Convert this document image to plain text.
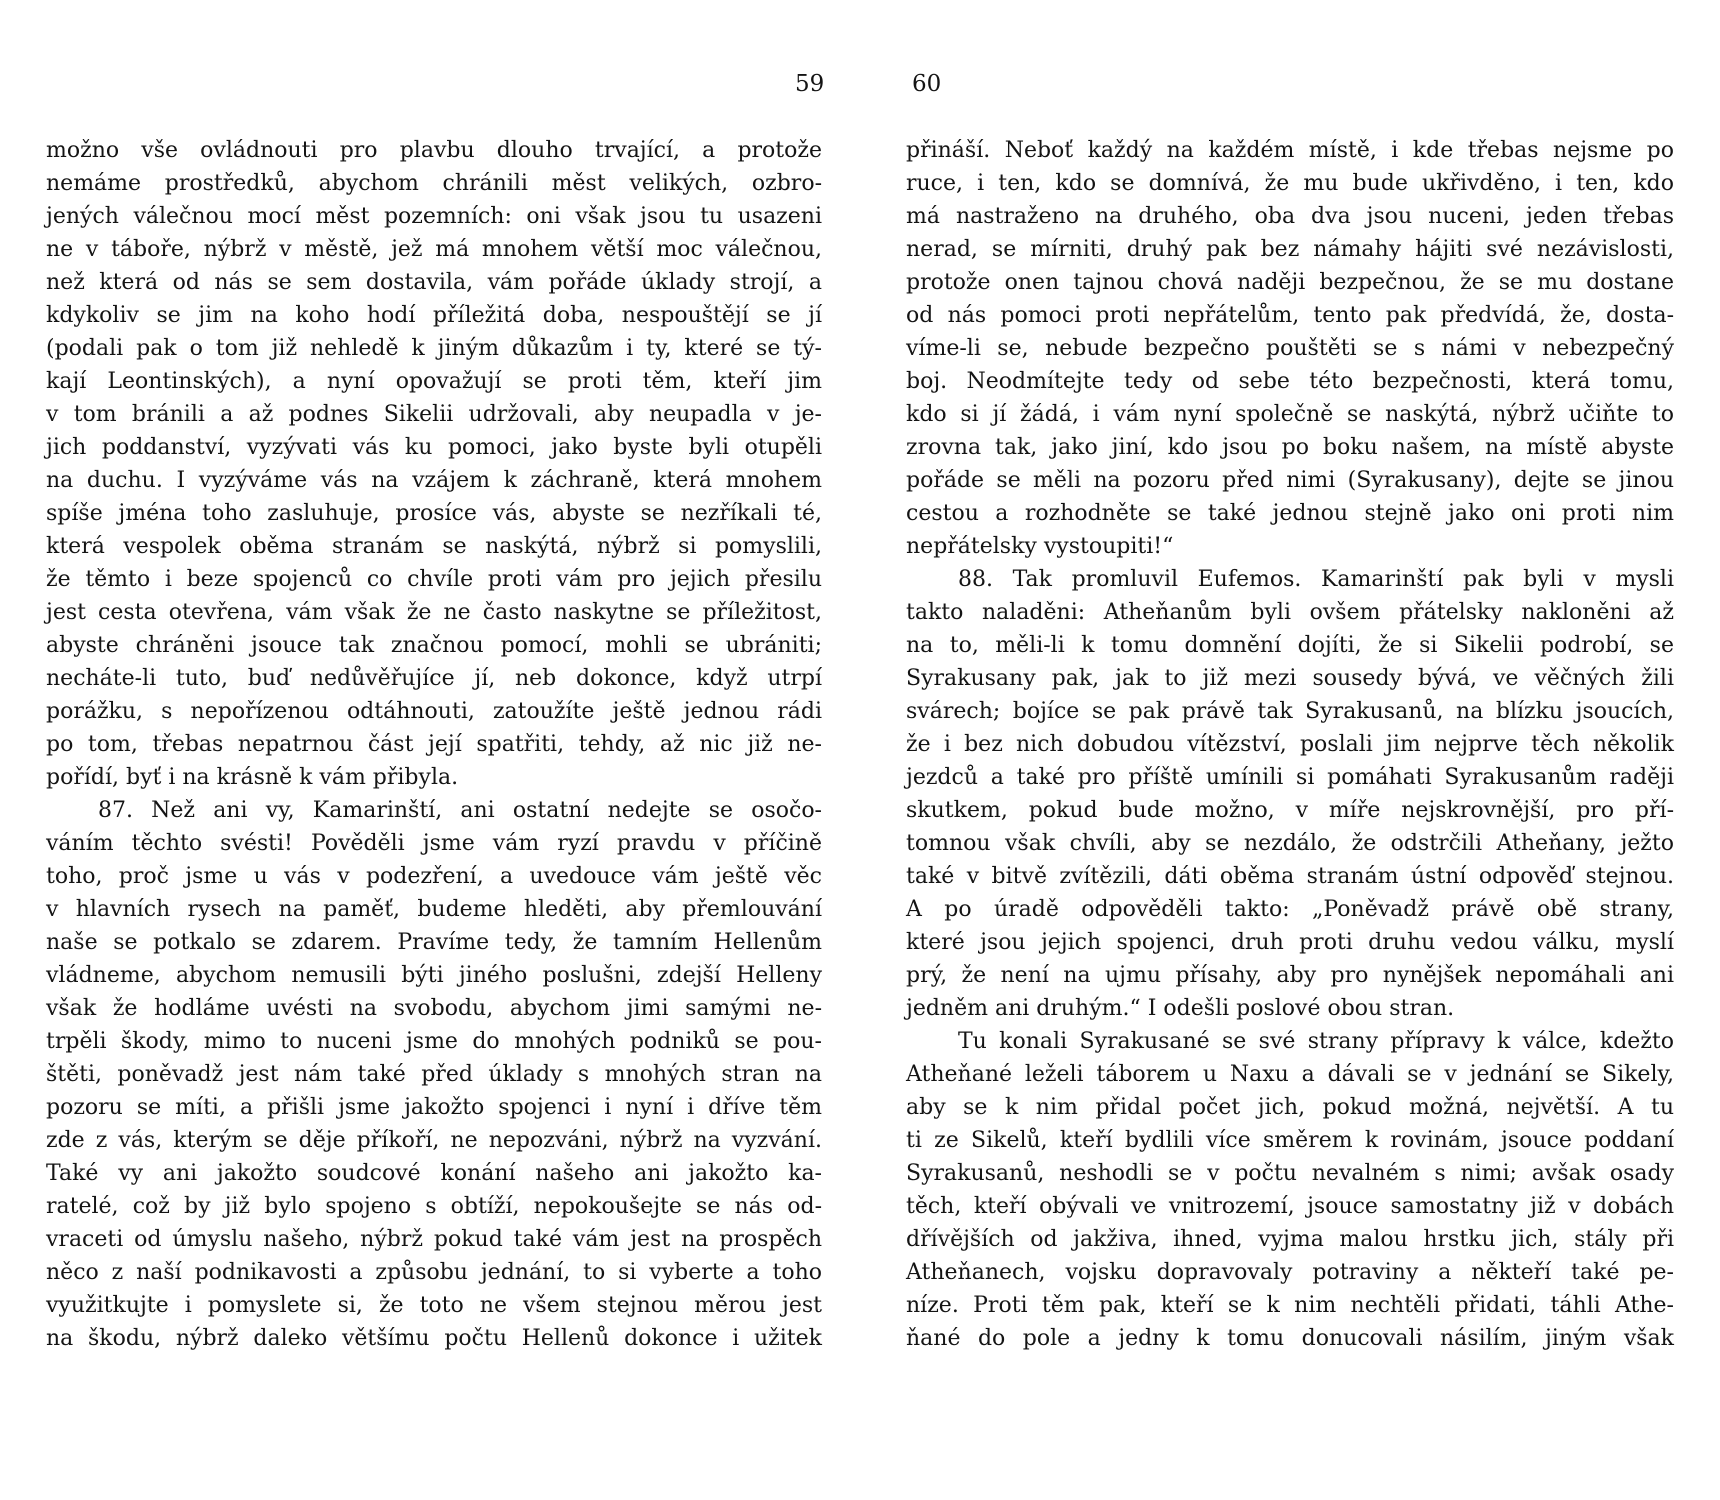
59
možno vše ovládnouti pro plavbu dlouho trvající, a protože
nemáme prostředků, abychom chránili měst velikých, ozbro-
jených válečnou mocí měst pozemních: oni však jsou tu usazeni
ne v táboře, nýbrž v městě, jež má mnohem větší moc válečnou,
než která od nás se sem dostavila, vám pořáde úklady strojí, a
kdykoliv se jim na koho hodí příležitá doba, nespouštějí se jí
(podali pak o tom již nehledě k jiným důkazům i ty, které se tý-
kají Leontinských), a nyní opovažují se proti těm, kteří jim
v tom bránili a až podnes Sikelii udržovali, aby neupadla v je-
jich poddanství, vyzývati vás ku pomoci, jako byste byli otupěli
na duchu. I vyzýváme vás na vzájem k záchraně, která mnohem
spíše jména toho zasluhuje, prosíce vás, abyste se nezříkali té,
která vespolek oběma stranám se naskýtá, nýbrž si pomyslili,
že těmto i beze spojenců co chvíle proti vám pro jejich přesilu
jest cesta otevřena, vám však že ne často naskytne se příležitost,
abyste chráněni jsouce tak značnou pomocí, mohli se ubrániti;
necháte-li tuto, buď nedůvěřujíce jí, neb dokonce, když utrpí
porážku, s nepořízenou odtáhnouti, zatoužíte ještě jednou rádi
po tom, třebas nepatrnou část její spatřiti, tehdy, až nic již ne-
pořídí, byť i na krásně k vám přibyla.
87. Než ani vy, Kamarinští, ani ostatní nedejte se osočo-
váním těchto svésti! Pověděli jsme vám ryzí pravdu v příčině
toho, proč jsme u vás v podezření, a uvedouce vám ještě věc
v hlavních rysech na paměť, budeme hleděti, aby přemlouvání
naše se potkalo se zdarem. Pravíme tedy, že tamním Hellenům
vládneme, abychom nemusili býti jiného poslušni, zdejší Helleny
však že hodláme uvésti na svobodu, abychom jimi samými ne-
trpěli škody, mimo to nuceni jsme do mnohých podniků se pou-
štěti, poněvadž jest nám také před úklady s mnohých stran na
pozoru se míti, a přišli jsme jakožto spojenci i nyní i dříve těm
zde z vás, kterým se děje příkoří, ne nepozváni, nýbrž na vyzvání.
Také vy ani jakožto soudcové konání našeho ani jakožto ka-
ratelé, což by již bylo spojeno s obtíží, nepokoušejte se nás od-
vraceti od úmyslu našeho, nýbrž pokud také vám jest na prospěch
něco z naší podnikavosti a způsobu jednání, to si vyberte a toho
využitkujte i pomyslete si, že toto ne všem stejnou měrou jest
na škodu, nýbrž daleko většímu počtu Hellenů dokonce i užitek
60
přináší. Neboť každý na každém místě, i kde třebas nejsme po
ruce, i ten, kdo se domnívá, že mu bude ukřivděno, i ten, kdo
má nastraženo na druhého, oba dva jsou nuceni, jeden třebas
nerad, se mírniti, druhý pak bez námahy hájiti své nezávislosti,
protože onen tajnou chová naději bezpečnou, že se mu dostane
od nás pomoci proti nepřátelům, tento pak předvídá, že, dosta-
víme-li se, nebude bezpečno pouštěti se s námi v nebezpečný
boj. Neodmítejte tedy od sebe této bezpečnosti, která tomu,
kdo si jí žádá, i vám nyní společně se naskýtá, nýbrž učiňte to
zrovna tak, jako jiní, kdo jsou po boku našem, na místě abyste
pořáde se měli na pozoru před nimi (Syrakusany), dejte se jinou
cestou a rozhodněte se také jednou stejně jako oni proti nim
nepřátelsky vystoupiti!“
88. Tak promluvil Eufemos. Kamarinští pak byli v mysli
takto naladěni: Atheňanům byli ovšem přátelsky nakloněni až
na to, měli-li k tomu domnění dojíti, že si Sikelii podrobí, se
Syrakusany pak, jak to již mezi sousedy bývá, ve věčných žili
svárech; bojíce se pak právě tak Syrakusanů, na blízku jsoucích,
že i bez nich dobudou vítězství, poslali jim nejprve těch několik
jezdců a také pro příště umínili si pomáhati Syrakusanům raději
skutkem, pokud bude možno, v míře nejskrovnější, pro pří-
tomnou však chvíli, aby se nezdálo, že odstrčili Atheňany, ježto
také v bitvě zvítězili, dáti oběma stranám ústní odpověď stejnou.
A po úradě odpověděli takto: „Poněvadž právě obě strany,
které jsou jejich spojenci, druh proti druhu vedou válku, myslí
prý, že není na ujmu přísahy, aby pro nynějšek nepomáhali ani
jedněm ani druhým.“ I odešli poslové obou stran.
Tu konali Syrakusané se své strany přípravy k válce, kdežto
Atheňané leželi táborem u Naxu a dávali se v jednání se Sikely,
aby se k nim přidal počet jich, pokud možná, největší. A tu
ti ze Sikelů, kteří bydlili více směrem k rovinám, jsouce poddaní
Syrakusanů, neshodli se v počtu nevalném s nimi; avšak osady
těch, kteří obývali ve vnitrozemí, jsouce samostatny již v dobách
dřívějších od jakživa, ihned, vyjma malou hrstku jich, stály při
Atheňanech, vojsku dopravovaly potraviny a někteří také pe-
níze. Proti těm pak, kteří se k nim nechtěli přidati, táhli Athe-
ňané do pole a jedny k tomu donucovali násilím, jiným však
